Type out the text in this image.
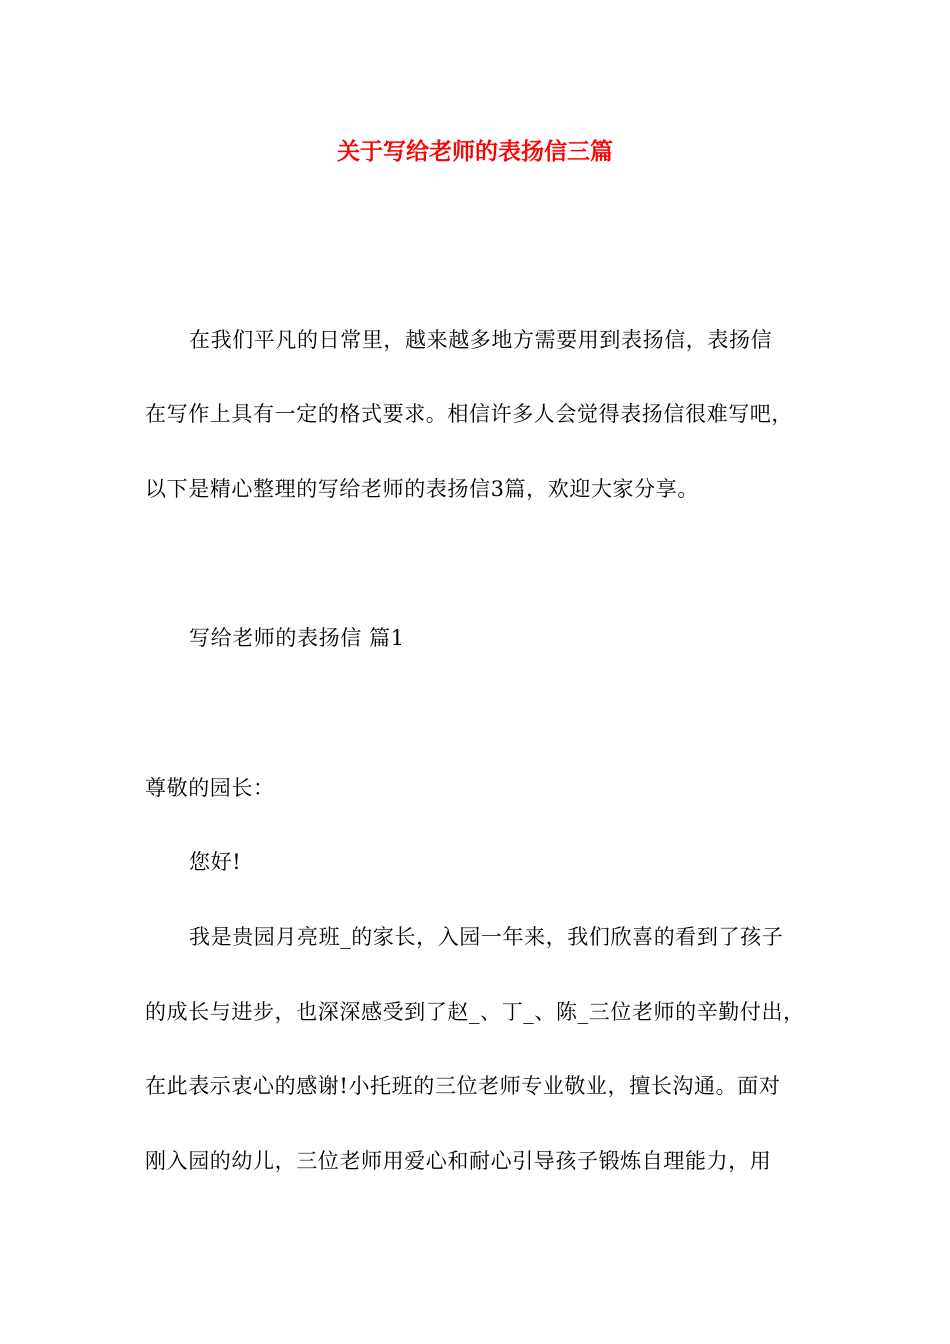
关于写给老师的表扬信三篇
在我们平凡的日常里，越来越多地方需要用到表扬信，表扬信
在写作上具有一定的格式要求。相信许多人会觉得表扬信很难写吧，
以下是精心整理的写给老师的表扬信3篇，欢迎大家分享。
写给老师的表扬信 篇1
尊敬的园长：
您好!
我是贵园月亮班_的家长，入园一年来，我们欣喜的看到了孩子
的成长与进步，也深深感受到了赵_、丁_、陈_三位老师的辛勤付出，
在此表示衷心的感谢!小托班的三位老师专业敬业，擅长沟通。面对
刚入园的幼儿，三位老师用爱心和耐心引导孩子锻炼自理能力，用
